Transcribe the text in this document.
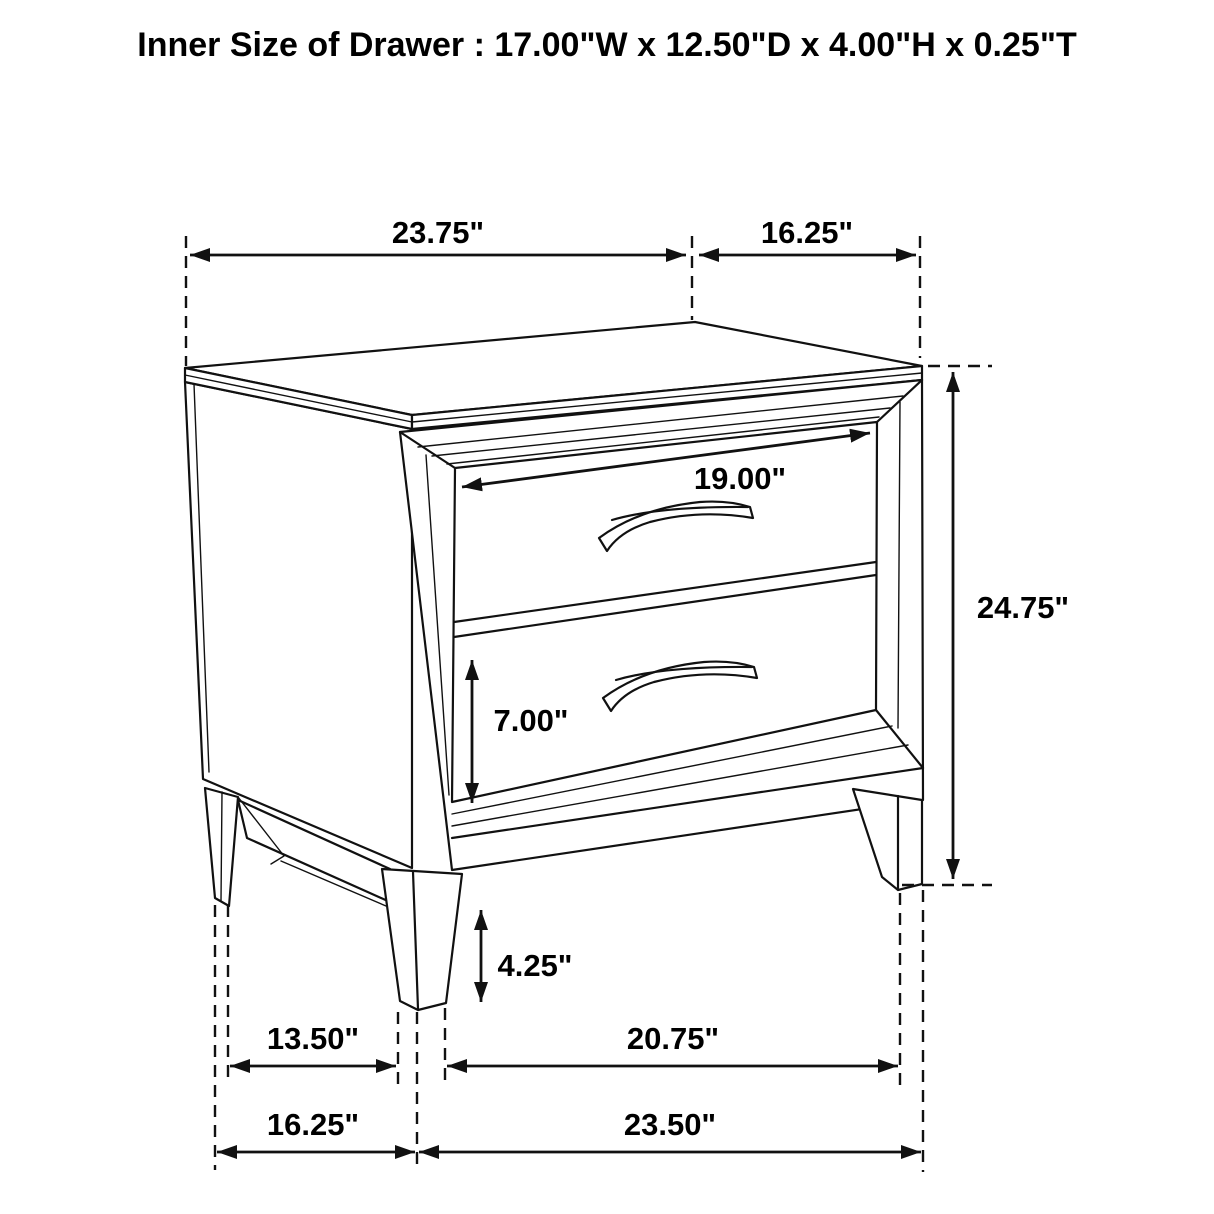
23.75"	16.25"
19.00"
24.75"
7.00"
4.25"
13.50"	20.75"
16.25"	23.50"
Inner Size of Drawer : 17.00"W x 12.50"D x 4.00"H x 0.25"T
